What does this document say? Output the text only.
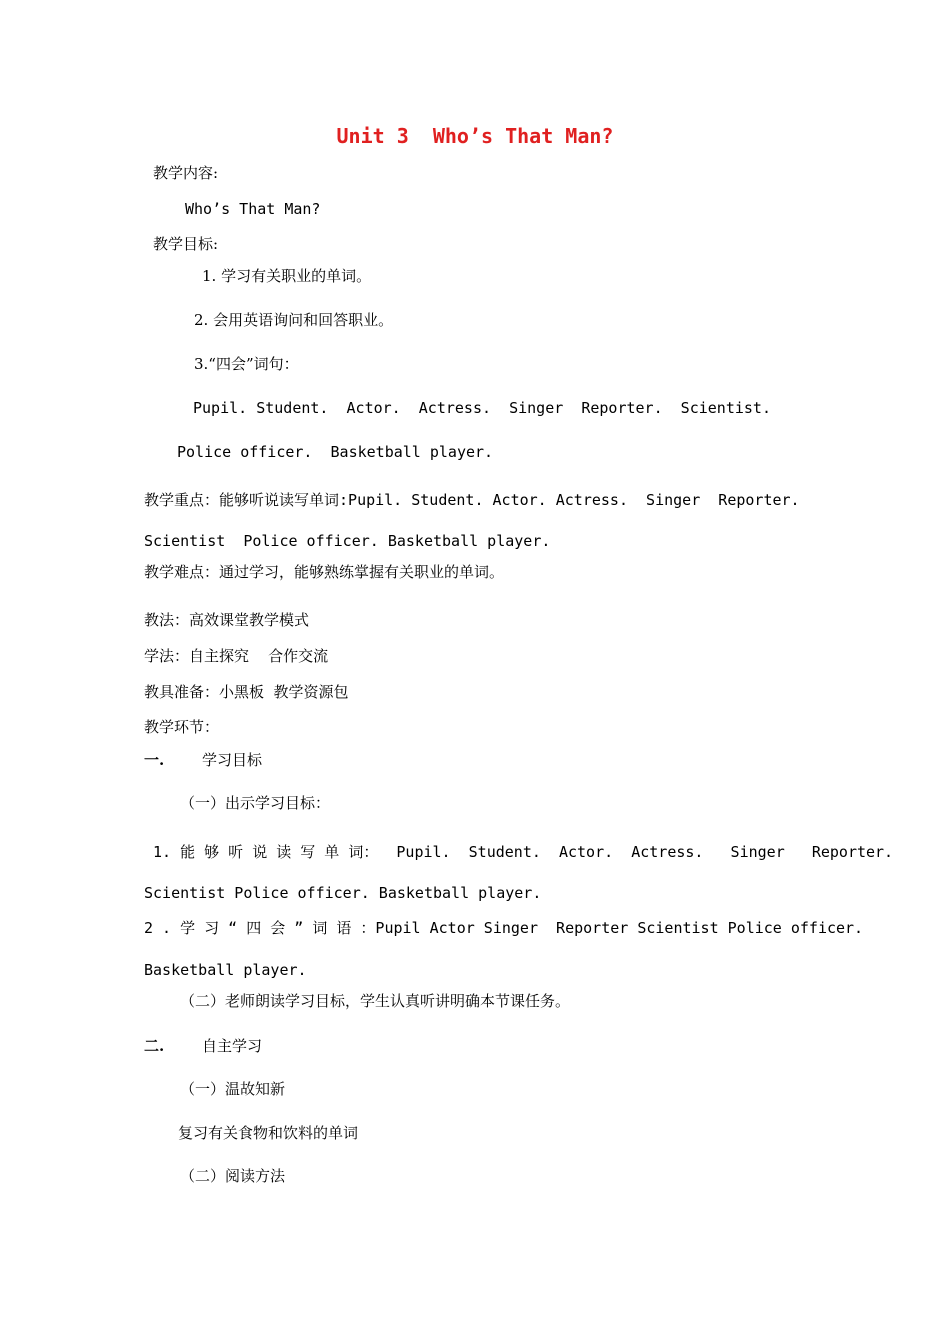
Unit 3  Who’s That Man?
教学内容:
Who’s That Man?
教学目标:
1. 学习有关职业的单词。
2. 会用英语询问和回答职业。
3.“四会”词句：
Pupil. Student.  Actor.  Actress.  Singer  Reporter.  Scientist.
Police officer.  Basketball player.
教学重点：能够听说读写单词:Pupil. Student. Actor. Actress.  Singer  Reporter.
Scientist  Police officer. Basketball player.
教学难点：通过学习，能够熟练掌握有关职业的单词。
教法：高效课堂教学模式
学法：自主探究    合作交流
教具准备：小黑板  教学资源包
教学环节：
一.	学习目标
（一）出示学习目标：
1. 能 够 听 说 读 写 单 词：  Pupil.  Student.  Actor.  Actress.   Singer   Reporter.
Scientist Police officer. Basketball player.
2 . 学 习 “ 四 会 ” 词 语 ：Pupil Actor Singer  Reporter Scientist Police officer.
Basketball player.
（二）老师朗读学习目标，学生认真听讲明确本节课任务。
二.	自主学习
（一）温故知新
复习有关食物和饮料的单词
（二）阅读方法
